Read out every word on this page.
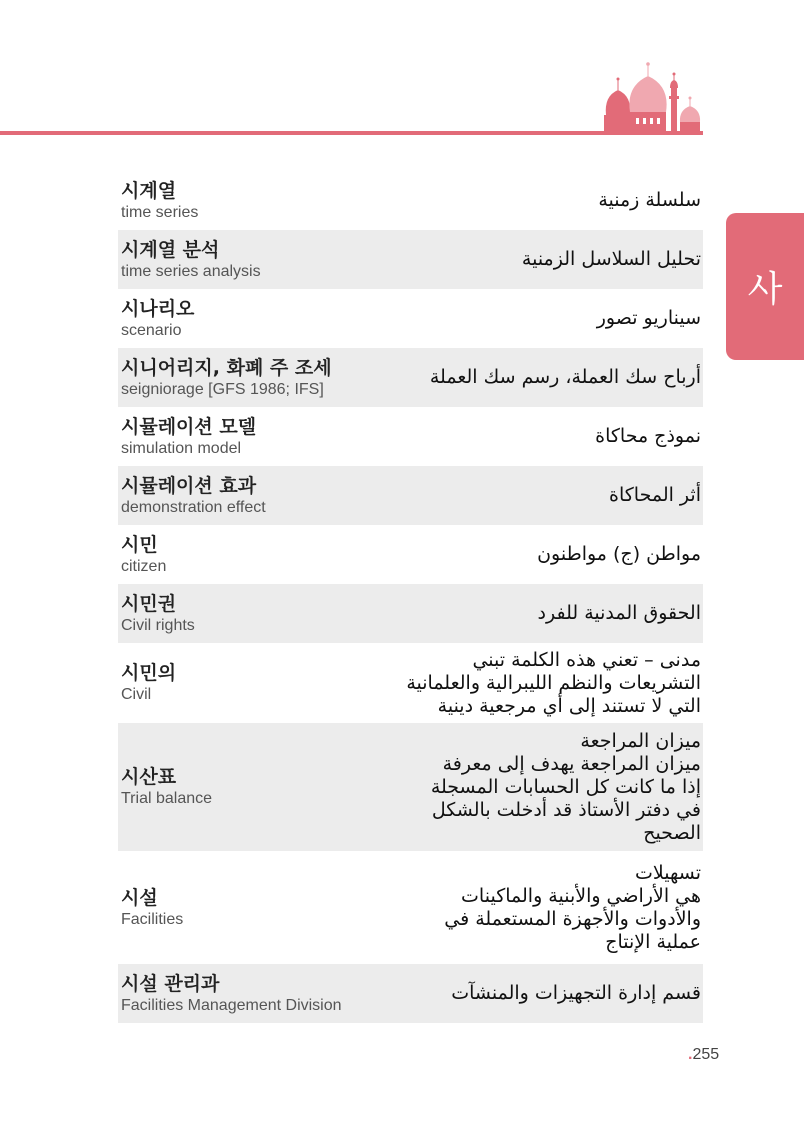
사
시계열
time series
سلسلة زمنية
시계열 분석
time series analysis
تحليل السلاسل الزمنية
시나리오
scenario
سيناريو تصور
시니어리지, 화폐 주 조세
seigniorage [GFS 1986; IFS]
أرباح سك العملة، رسم سك العملة
시뮬레이션 모델
simulation model
نموذج محاكاة
시뮬레이션 효과
demonstration effect
أثر المحاكاة
시민
citizen
مواطن (ج) مواطنون
시민권
Civil rights
الحقوق المدنية للفرد
시민의
Civil
مدنى – تعني هذه الكلمة تبني
التشريعات والنظم الليبرالية والعلمانية
التي لا تستند إلى أي مرجعية دينية
시산표
Trial balance
ميزان المراجعة
ميزان المراجعة يهدف إلى معرفة
إذا ما كانت كل الحسابات المسجلة
في دفتر الأستاذ قد أدخلت بالشكل
الصحيح
시설
Facilities
تسهيلات
هي الأراضي والأبنية والماكينات
والأدوات والأجهزة المستعملة في
عملية الإنتاج
시설 관리과
Facilities Management Division
قسم إدارة التجهيزات والمنشآت
.255
